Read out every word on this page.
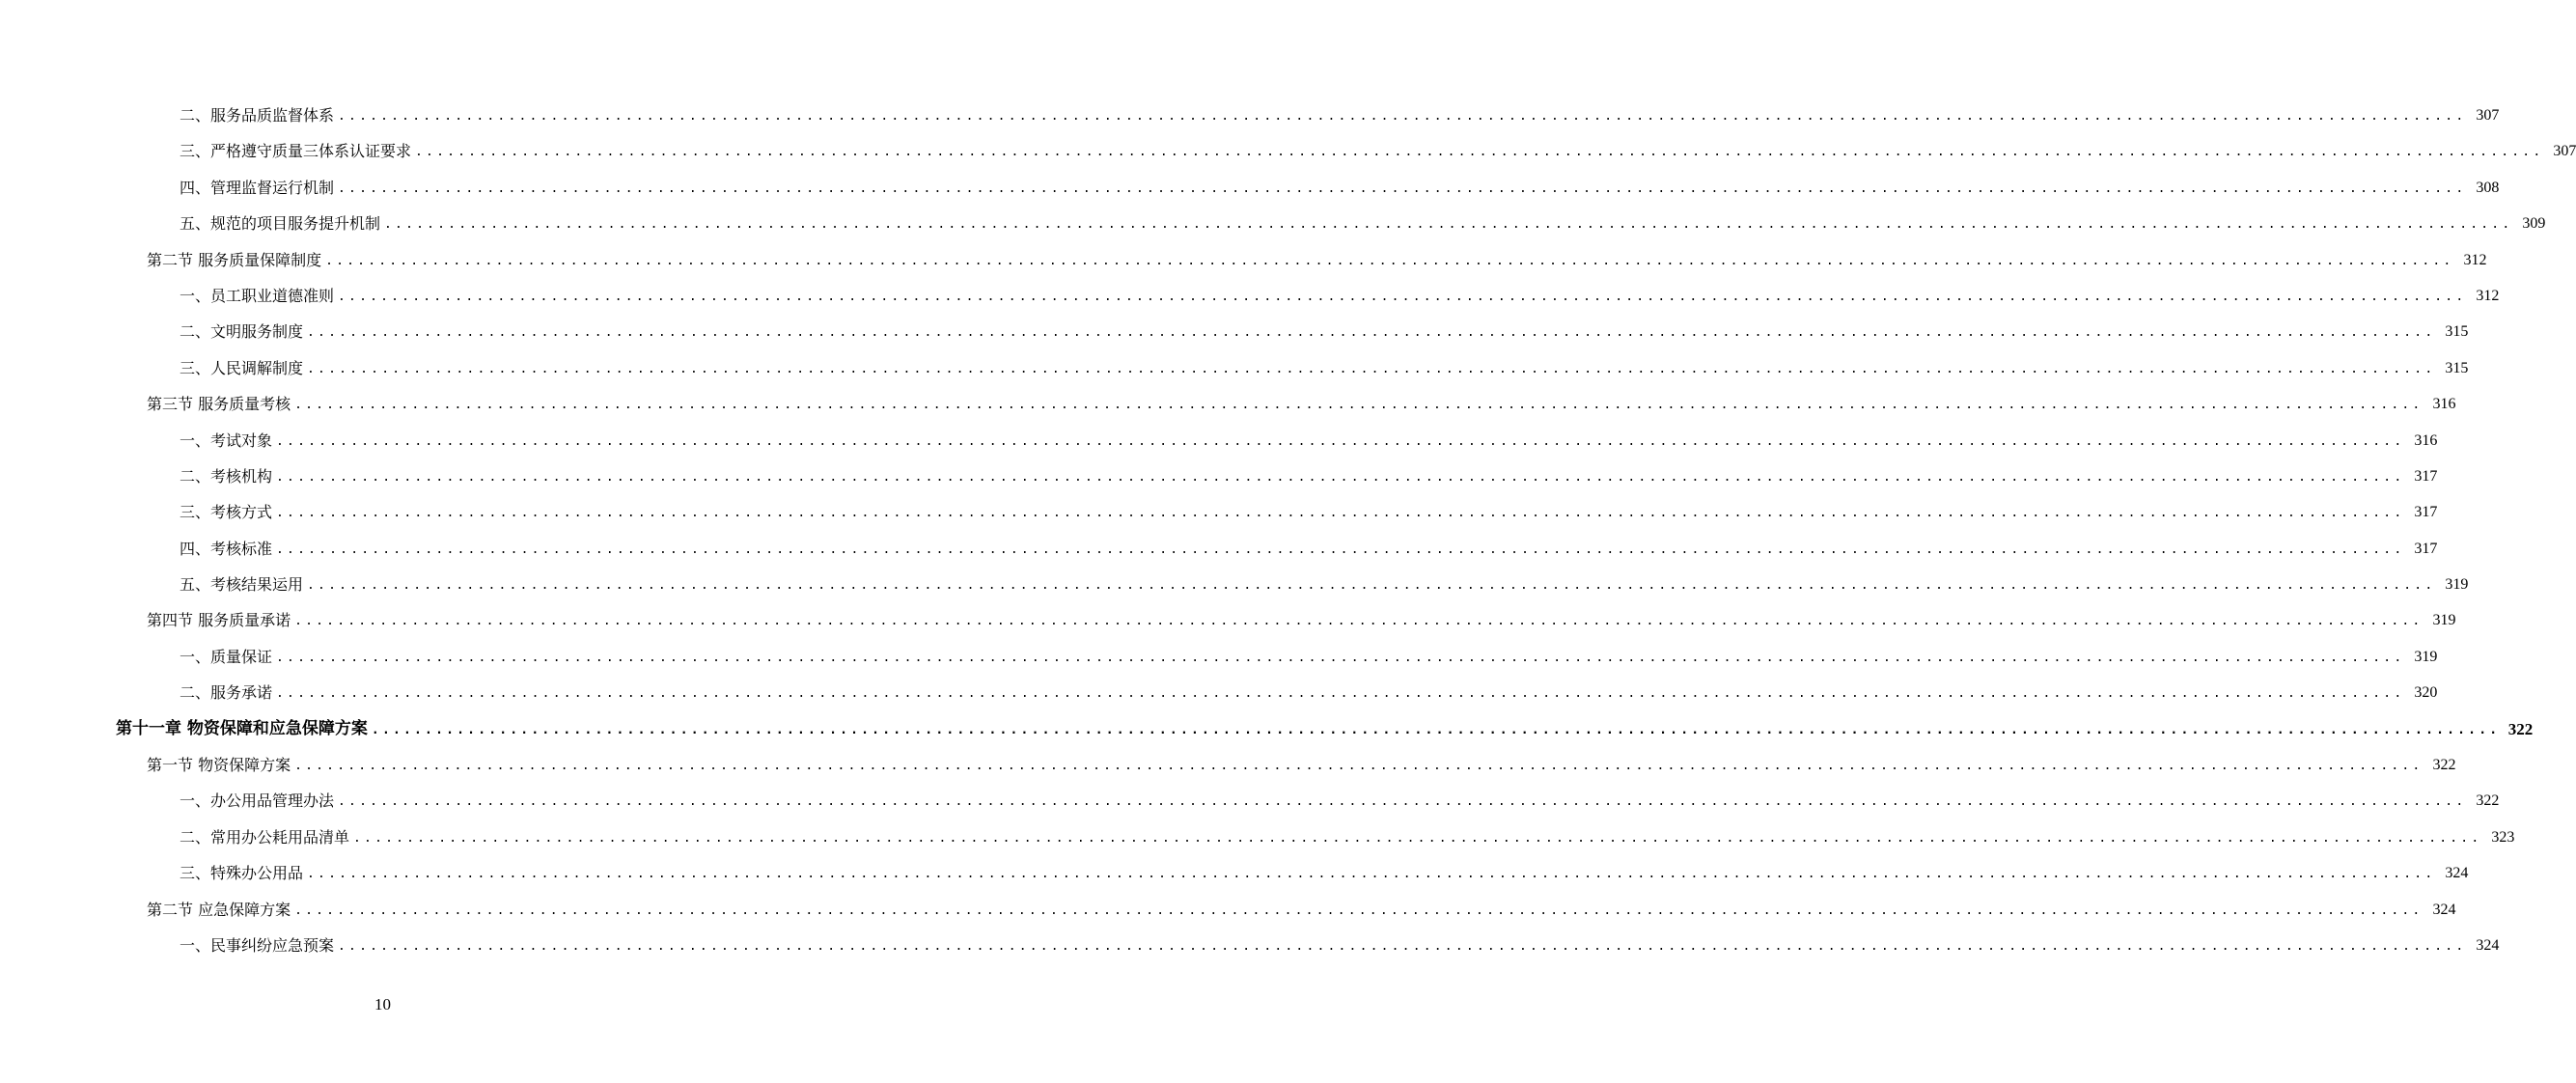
二、服务品质监督体系 ........................................................................................................................................................................................................ 307
三、严格遵守质量三体系认证要求 ........................................................................................................................................................................................................ 307
四、管理监督运行机制 ........................................................................................................................................................................................................ 308
五、规范的项目服务提升机制 ........................................................................................................................................................................................................ 309
第二节 服务质量保障制度 ........................................................................................................................................................................................................ 312
一、员工职业道德准则 ........................................................................................................................................................................................................ 312
二、文明服务制度 ........................................................................................................................................................................................................ 315
三、人民调解制度 ........................................................................................................................................................................................................ 315
第三节 服务质量考核 ........................................................................................................................................................................................................ 316
一、考试对象 ........................................................................................................................................................................................................ 316
二、考核机构 ........................................................................................................................................................................................................ 317
三、考核方式 ........................................................................................................................................................................................................ 317
四、考核标准 ........................................................................................................................................................................................................ 317
五、考核结果运用 ........................................................................................................................................................................................................ 319
第四节 服务质量承诺 ........................................................................................................................................................................................................ 319
一、质量保证 ........................................................................................................................................................................................................ 319
二、服务承诺 ........................................................................................................................................................................................................ 320
第十一章 物资保障和应急保障方案 ........................................................................................................................................................................................................ 322
第一节 物资保障方案 ........................................................................................................................................................................................................ 322
一、办公用品管理办法 ........................................................................................................................................................................................................ 322
二、常用办公耗用品清单 ........................................................................................................................................................................................................ 323
三、特殊办公用品 ........................................................................................................................................................................................................ 324
第二节 应急保障方案 ........................................................................................................................................................................................................ 324
一、民事纠纷应急预案 ........................................................................................................................................................................................................ 324
10
